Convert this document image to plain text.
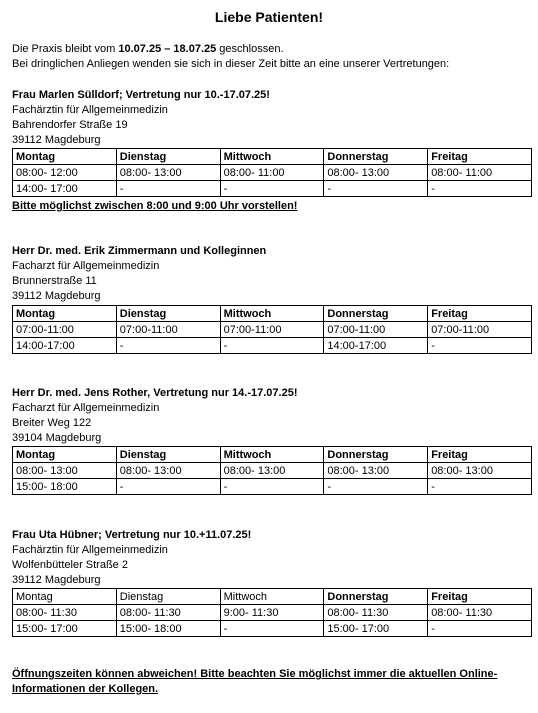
Liebe Patienten!
Die Praxis bleibt vom 10.07.25 – 18.07.25 geschlossen.
Bei dringlichen Anliegen wenden sie sich in dieser Zeit bitte an eine unserer Vertretungen:
Frau Marlen Sülldorf; Vertretung nur 10.-17.07.25!
Fachärztin für Allgemeinmedizin
Bahrendorfer Straße 19
39112 Magdeburg
Montag	Dienstag	Mittwoch	Donnerstag	Freitag
08:00- 12:00	08:00- 13:00	08:00- 11:00	08:00- 13:00	08:00- 11:00
14:00- 17:00	-	-	-	-
Bitte möglichst zwischen 8:00 und 9:00 Uhr vorstellen!
Herr Dr. med. Erik Zimmermann und Kolleginnen
Facharzt für Allgemeinmedizin
Brunnerstraße 11
39112 Magdeburg
Montag	Dienstag	Mittwoch	Donnerstag	Freitag
07:00-11:00	07:00-11:00	07:00-11:00	07:00-11:00	07:00-11:00
14:00-17:00	-	-	14:00-17:00	-
Herr Dr. med. Jens Rother, Vertretung nur 14.-17.07.25!
Facharzt für Allgemeinmedizin
Breiter Weg 122
39104 Magdeburg
Montag	Dienstag	Mittwoch	Donnerstag	Freitag
08:00- 13:00	08:00- 13:00	08:00- 13:00	08:00- 13:00	08:00- 13:00
15:00- 18:00	-	-	-	-
Frau Uta Hübner; Vertretung nur 10.+11.07.25!
Fachärztin für Allgemeinmedizin
Wolfenbütteler Straße 2
39112 Magdeburg
Montag	Dienstag	Mittwoch	Donnerstag	Freitag
08:00- 11:30	08:00- 11:30	9:00- 11:30	08:00- 11:30	08:00- 11:30
15:00- 17:00	15:00- 18:00	-	15:00- 17:00	-
Öffnungszeiten können abweichen! Bitte beachten Sie möglichst immer die aktuellen Online-
Informationen der Kollegen.
